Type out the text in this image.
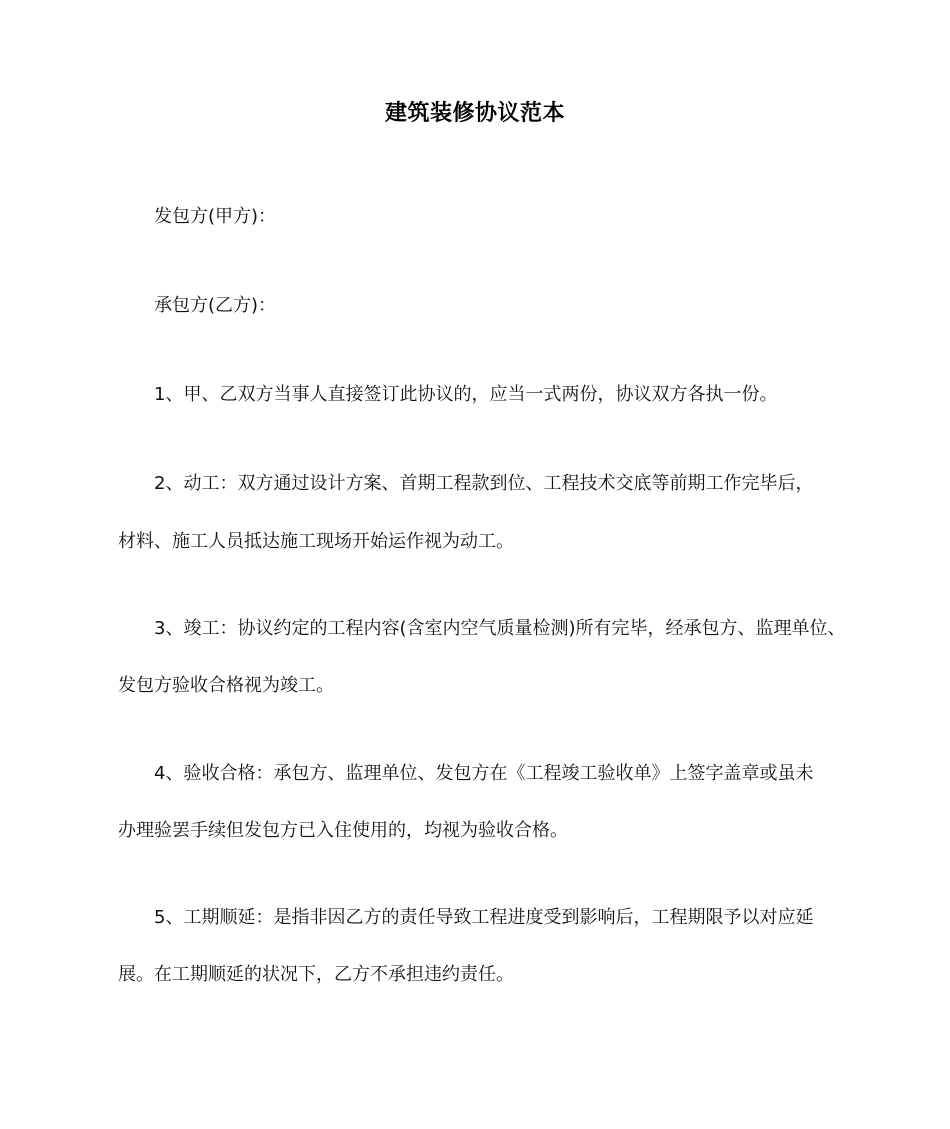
建筑装修协议范本
发包方(甲方)：
承包方(乙方)：
1、甲、乙双方当事人直接签订此协议的，应当一式两份，协议双方各执一份。
2、动工：双方通过设计方案、首期工程款到位、工程技术交底等前期工作完毕后，
材料、施工人员抵达施工现场开始运作视为动工。
3、竣工：协议约定的工程内容(含室内空气质量检测)所有完毕，经承包方、监理单位、
发包方验收合格视为竣工。
4、验收合格：承包方、监理单位、发包方在《工程竣工验收单》上签字盖章或虽未
办理验罢手续但发包方已入住使用的，均视为验收合格。
5、工期顺延：是指非因乙方的责任导致工程进度受到影响后，工程期限予以对应延
展。在工期顺延的状况下，乙方不承担违约责任。
